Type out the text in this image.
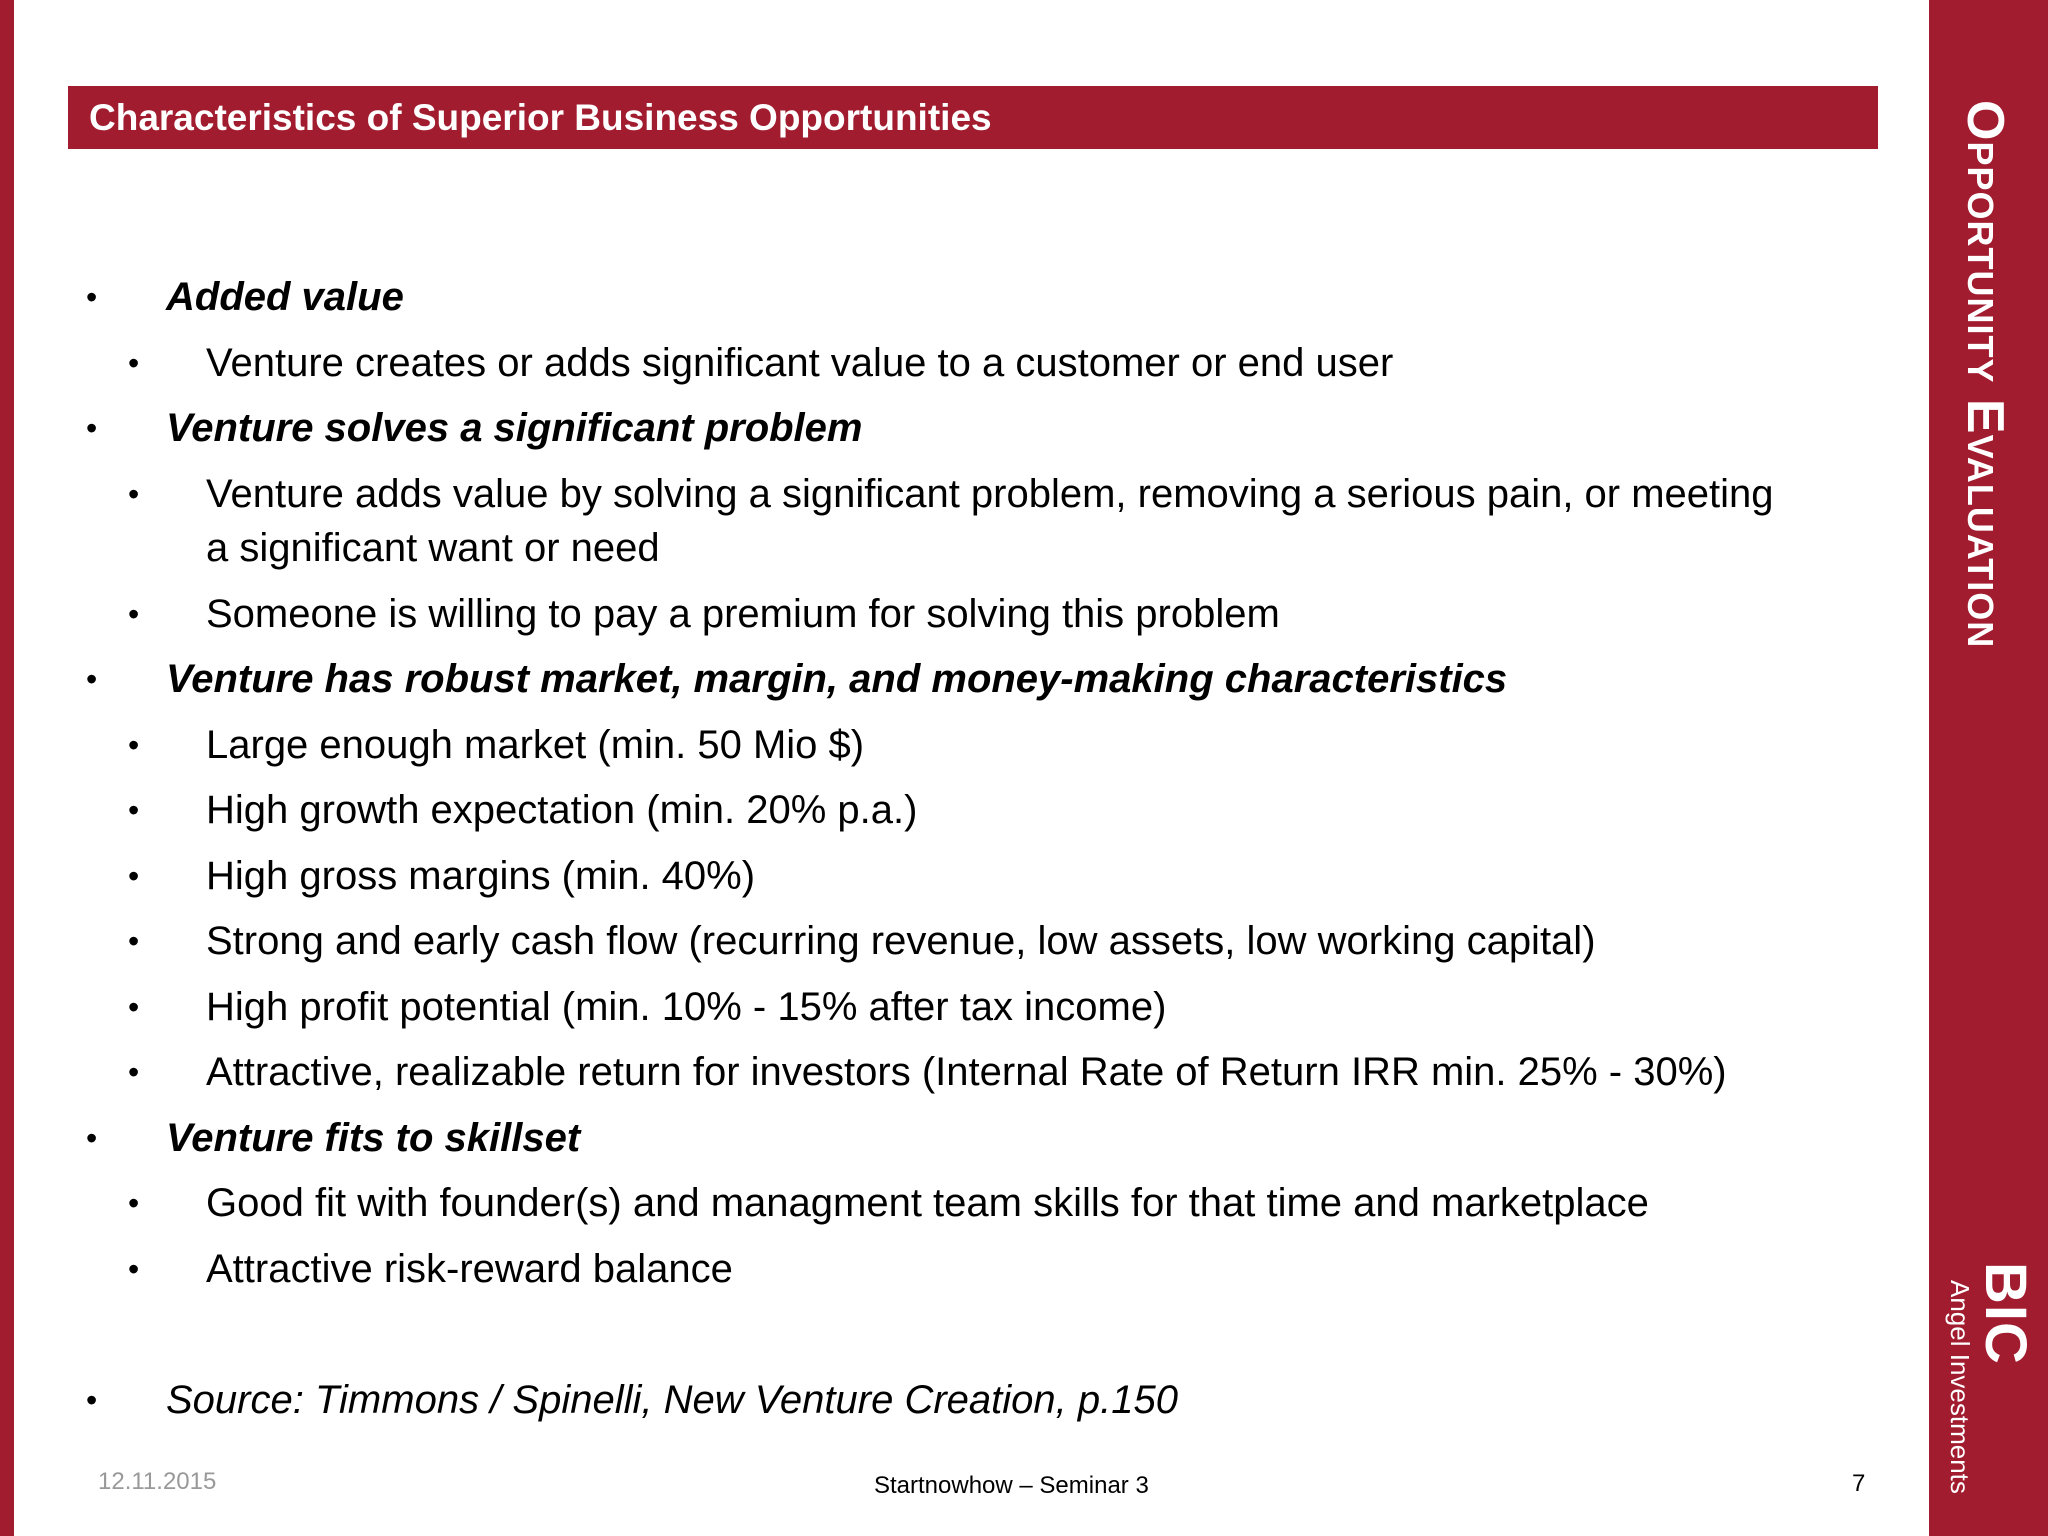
Opportunity Evaluation
BIC
Angel Investments
Characteristics of Superior Business Opportunities
• Added value
• Venture creates or adds significant value to a customer or end user
• Venture solves a significant problem
• Venture adds value by solving a significant problem, removing a serious pain, or meeting
a significant want or need
• Someone is willing to pay a premium for solving this problem
• Venture has robust market, margin, and money-making characteristics
• Large enough market (min. 50 Mio $)
• High growth expectation (min. 20% p.a.)
• High gross margins (min. 40%)
• Strong and early cash flow (recurring revenue, low assets, low working capital)
• High profit potential (min. 10% - 15% after tax income)
• Attractive, realizable return for investors (Internal Rate of Return IRR min. 25% - 30%)
• Venture fits to skillset
• Good fit with founder(s) and managment team skills for that time and marketplace
• Attractive risk-reward balance
• Source: Timmons / Spinelli, New Venture Creation, p.150
12.11.2015	Startnowhow – Seminar 3	7
